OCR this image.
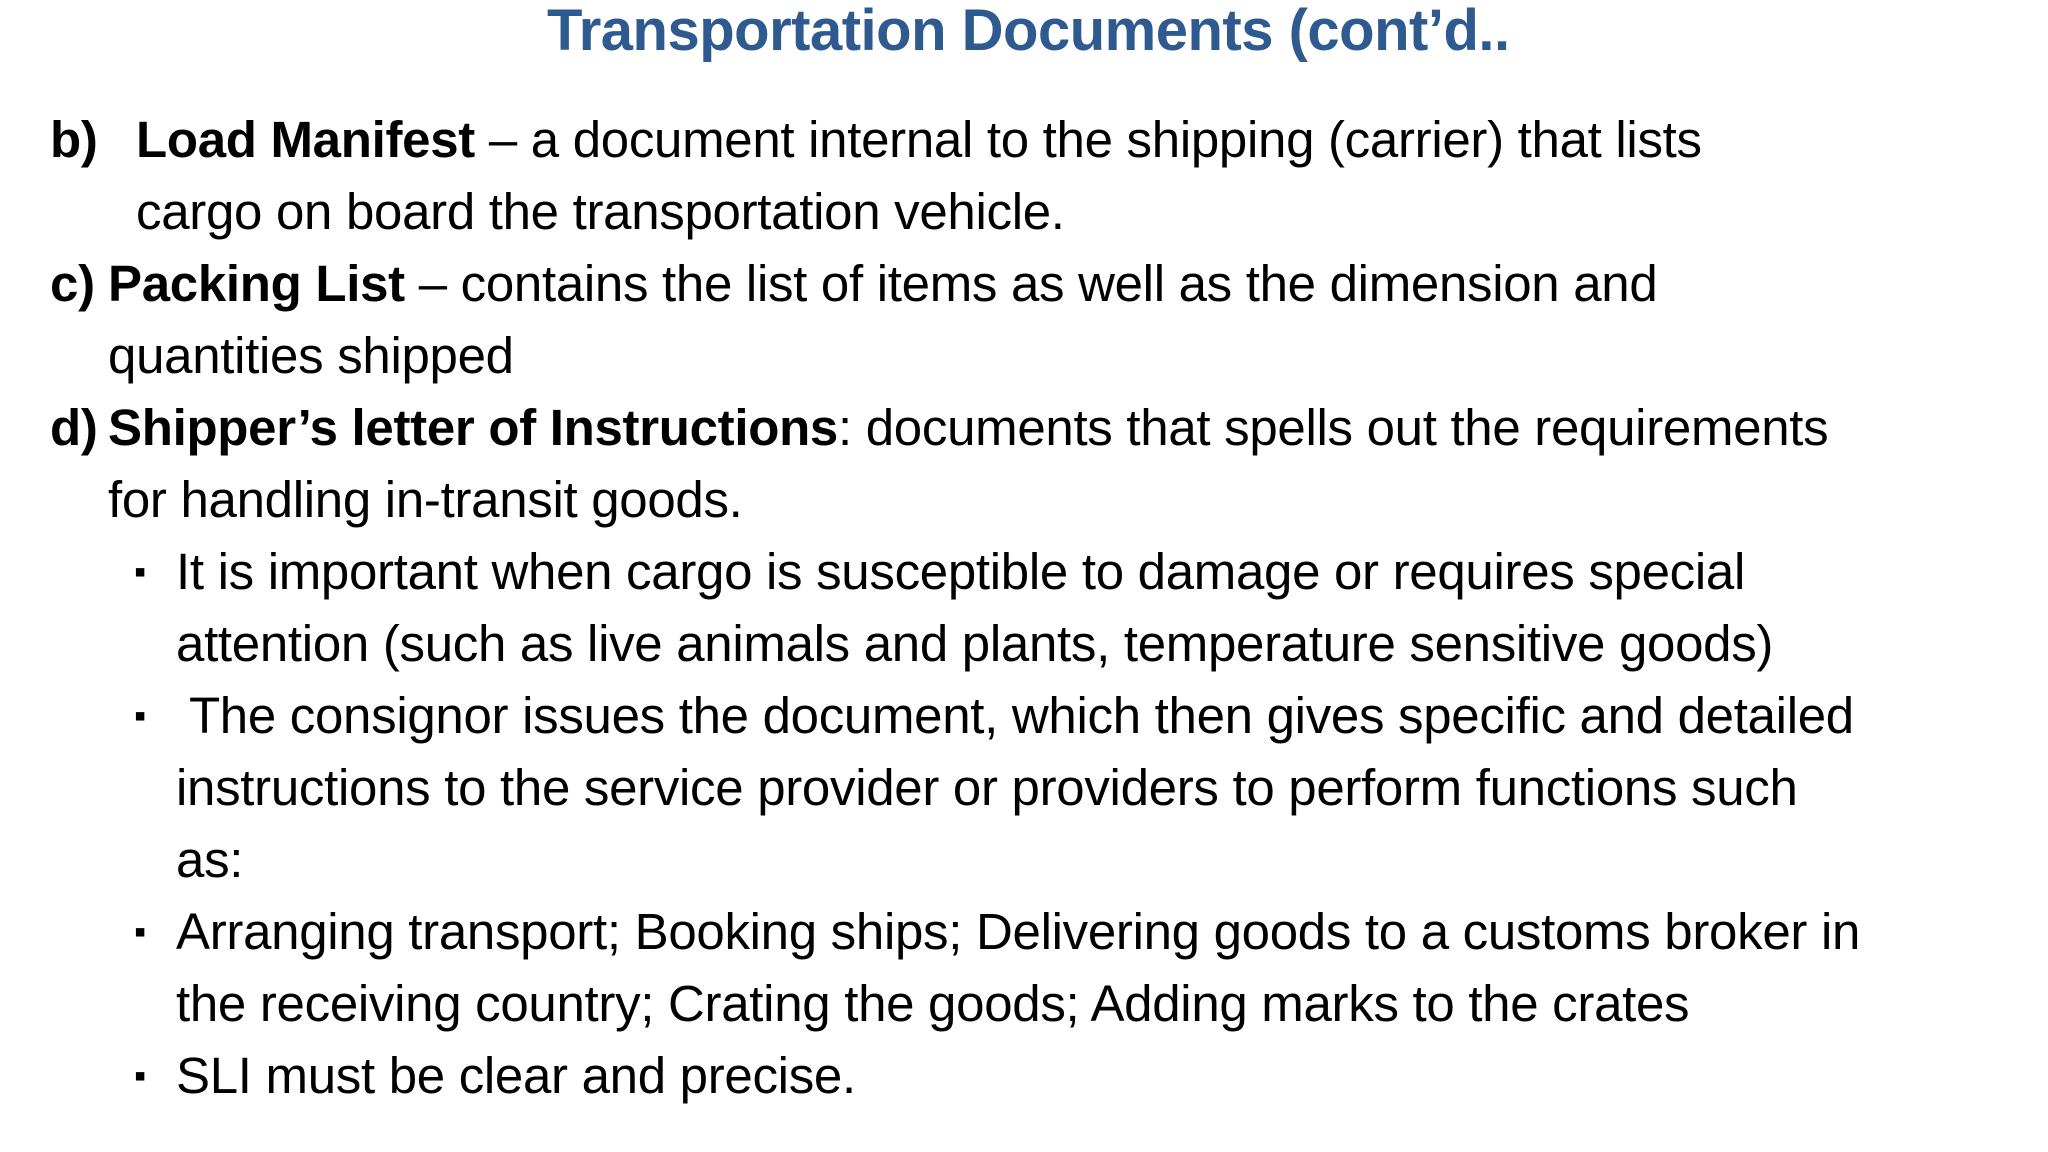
Transportation Documents (cont’d..
b) Load Manifest – a document internal to the shipping (carrier) that lists
cargo on board the transportation vehicle.
c) Packing List – contains the list of items as well as the dimension and
quantities shipped
d) Shipper’s letter of Instructions: documents that spells out the requirements
for handling in-transit goods.
▪ It is important when cargo is susceptible to damage or requires special
attention (such as live animals and plants, temperature sensitive goods)
▪ The consignor issues the document, which then gives specific and detailed
instructions to the service provider or providers to perform functions such
as:
▪ Arranging transport; Booking ships; Delivering goods to a customs broker in
the receiving country; Crating the goods; Adding marks to the crates
▪ SLI must be clear and precise.
